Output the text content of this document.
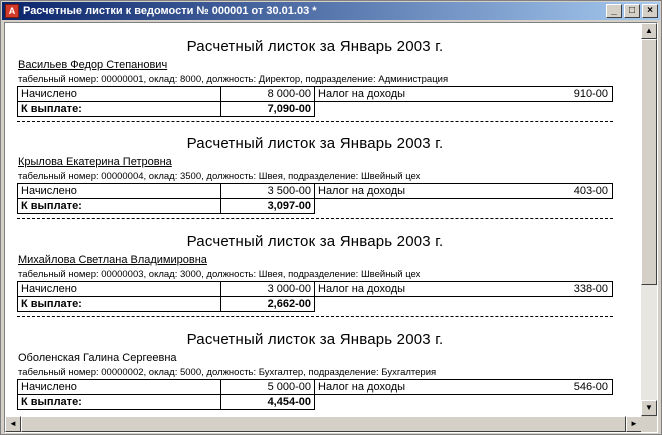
A Расчетные листки к ведомости № 000001 от 30.01.03 *	_	□	×
Расчетный листок за Январь 2003 г.
Васильев Федор Степанович
табельный номер: 00000001, оклад: 8000, должность: Директор, подразделение: Администрация
Начислено	8 000-00 Налог на доходы	910-00
К выплате:	7,090-00
Расчетный листок за Январь 2003 г.
Крылова Екатерина Петровна
табельный номер: 00000004, оклад: 3500, должность: Швея, подразделение: Швейный цех
Начислено	3 500-00 Налог на доходы	403-00
К выплате:	3,097-00
Расчетный листок за Январь 2003 г.
Михайлова Светлана Владимировна
табельный номер: 00000003, оклад: 3000, должность: Швея, подразделение: Швейный цех
Начислено	3 000-00 Налог на доходы	338-00
К выплате:	2,662-00
Расчетный листок за Январь 2003 г.
Оболенская Галина Сергеевна
табельный номер: 00000002, оклад: 5000, должность: Бухгалтер, подразделение: Бухгалтерия
Начислено	5 000-00 Налог на доходы	546-00
К выплате:	4,454-00
▲
▼
◄	►
